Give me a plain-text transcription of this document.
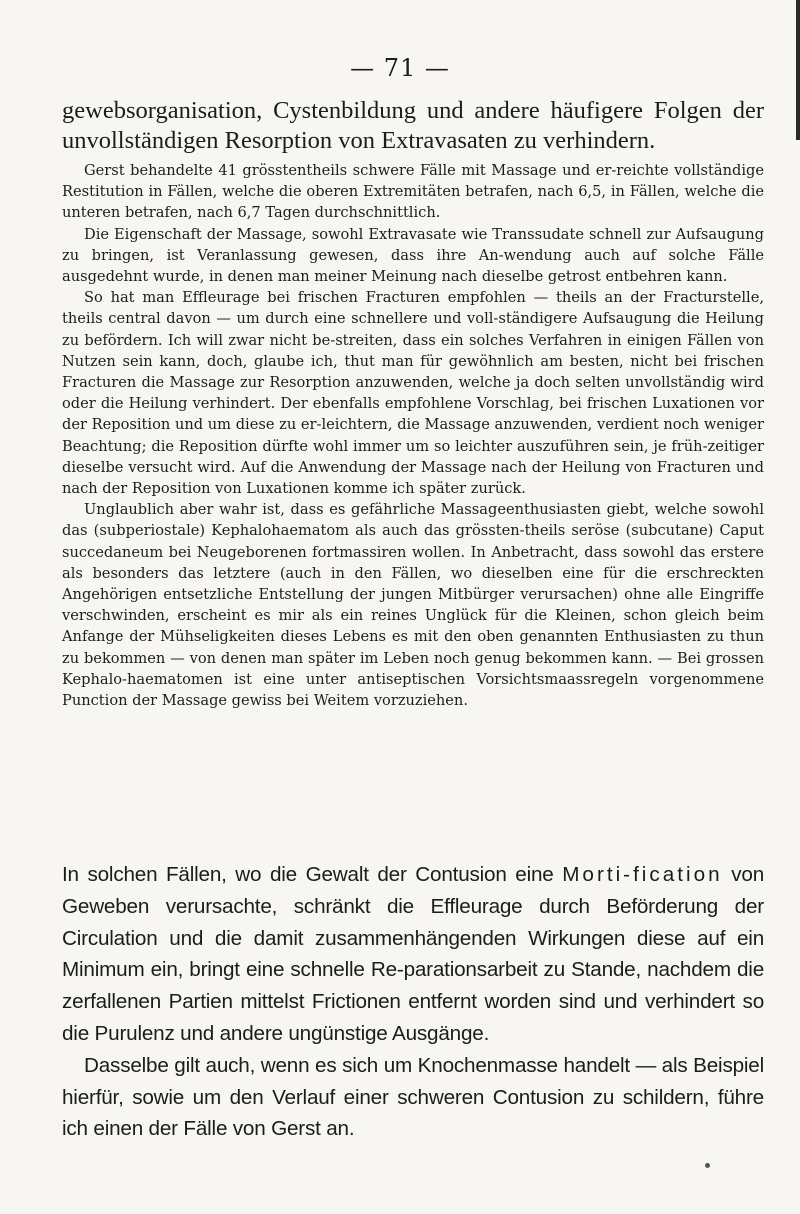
— 71 —
gewebsorganisation, Cystenbildung und andere häufigere Folgen der unvollständigen Resorption von Extravasaten zu verhindern.

Gerst behandelte 41 grösstentheils schwere Fälle mit Massage und er-reichte vollständige Restitution in Fällen, welche die oberen Extremitäten betrafen, nach 6,5, in Fällen, welche die unteren betrafen, nach 6,7 Tagen durchschnittlich.

Die Eigenschaft der Massage, sowohl Extravasate wie Transsudate schnell zur Aufsaugung zu bringen, ist Veranlassung gewesen, dass ihre An-wendung auch auf solche Fälle ausgedehnt wurde, in denen man meiner Meinung nach dieselbe getrost entbehren kann.

So hat man Effleurage bei frischen Fracturen empfohlen — theils an der Fracturstelle, theils central davon — um durch eine schnellere und voll-ständigere Aufsaugung die Heilung zu befördern. Ich will zwar nicht be-streiten, dass ein solches Verfahren in einigen Fällen von Nutzen sein kann, doch, glaube ich, thut man für gewöhnlich am besten, nicht bei frischen Fracturen die Massage zur Resorption anzuwenden, welche ja doch selten unvollständig wird oder die Heilung verhindert. Der ebenfalls empfohlene Vorschlag, bei frischen Luxationen vor der Reposition und um diese zu er-leichtern, die Massage anzuwenden, verdient noch weniger Beachtung; die Reposition dürfte wohl immer um so leichter auszuführen sein, je früh-zeitiger dieselbe versucht wird. Auf die Anwendung der Massage nach der Heilung von Fracturen und nach der Reposition von Luxationen komme ich später zurück.

Unglaublich aber wahr ist, dass es gefährliche Massageenthusiasten giebt, welche sowohl das (subperiostale) Kephalohaematom als auch das grössten-theils seröse (subcutane) Caput succedaneum bei Neugeborenen fortmassiren wollen. In Anbetracht, dass sowohl das erstere als besonders das letztere (auch in den Fällen, wo dieselben eine für die erschreckten Angehörigen entsetzliche Entstellung der jungen Mitbürger verursachen) ohne alle Eingriffe verschwinden, erscheint es mir als ein reines Unglück für die Kleinen, schon gleich beim Anfange der Mühseligkeiten dieses Lebens es mit den oben genannten Enthusiasten zu thun zu bekommen — von denen man später im Leben noch genug bekommen kann. — Bei grossen Kephalo-haematomen ist eine unter antiseptischen Vorsichtsmaassregeln vorgenommene Punction der Massage gewiss bei Weitem vorzuziehen.

In solchen Fällen, wo die Gewalt der Contusion eine Morti-fication von Geweben verursachte, schränkt die Effleurage durch Beförderung der Circulation und die damit zusammenhängenden Wirkungen diese auf ein Minimum ein, bringt eine schnelle Re-parationsarbeit zu Stande, nachdem die zerfallenen Partien mittelst Frictionen entfernt worden sind und verhindert so die Purulenz und andere ungünstige Ausgänge.

Dasselbe gilt auch, wenn es sich um Knochenmasse handelt — als Beispiel hierfür, sowie um den Verlauf einer schweren Contusion zu schildern, führe ich einen der Fälle von Gerst an.
